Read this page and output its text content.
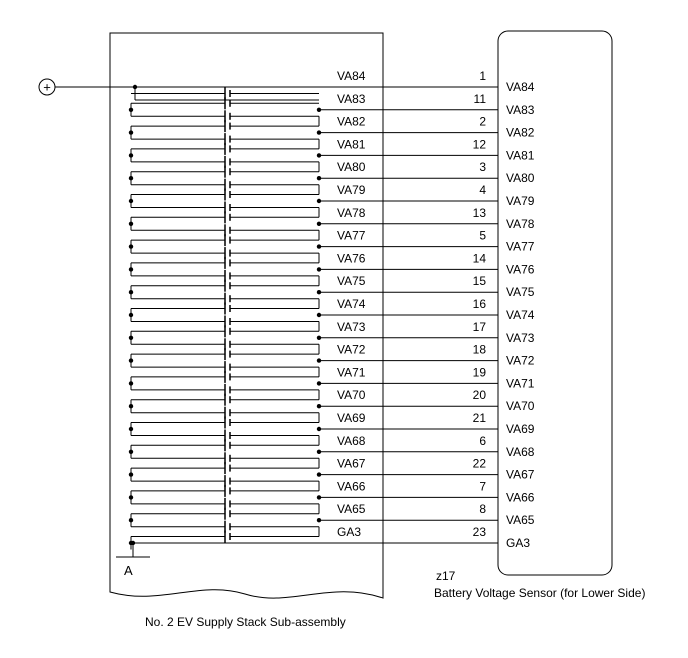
+
VA84	1
VA84
VA83	11
VA83
VA82	2
VA82
VA81	12
VA81
VA80	3
VA80
VA79	4
VA79
VA78	13
VA78
VA77	5
VA77
VA76	14
VA76
VA75	15
VA75
VA74	16
VA74
VA73	17
VA73
VA72	18
VA72
VA71	19
VA71
VA70	20
VA70
VA69	21
VA69
VA68	6
VA68
VA67	22
VA67
VA66	7
VA66
VA65	8
VA65
GA3	23
GA3
A	z17
Battery Voltage Sensor (for Lower Side)
No. 2 EV Supply Stack Sub-assembly
